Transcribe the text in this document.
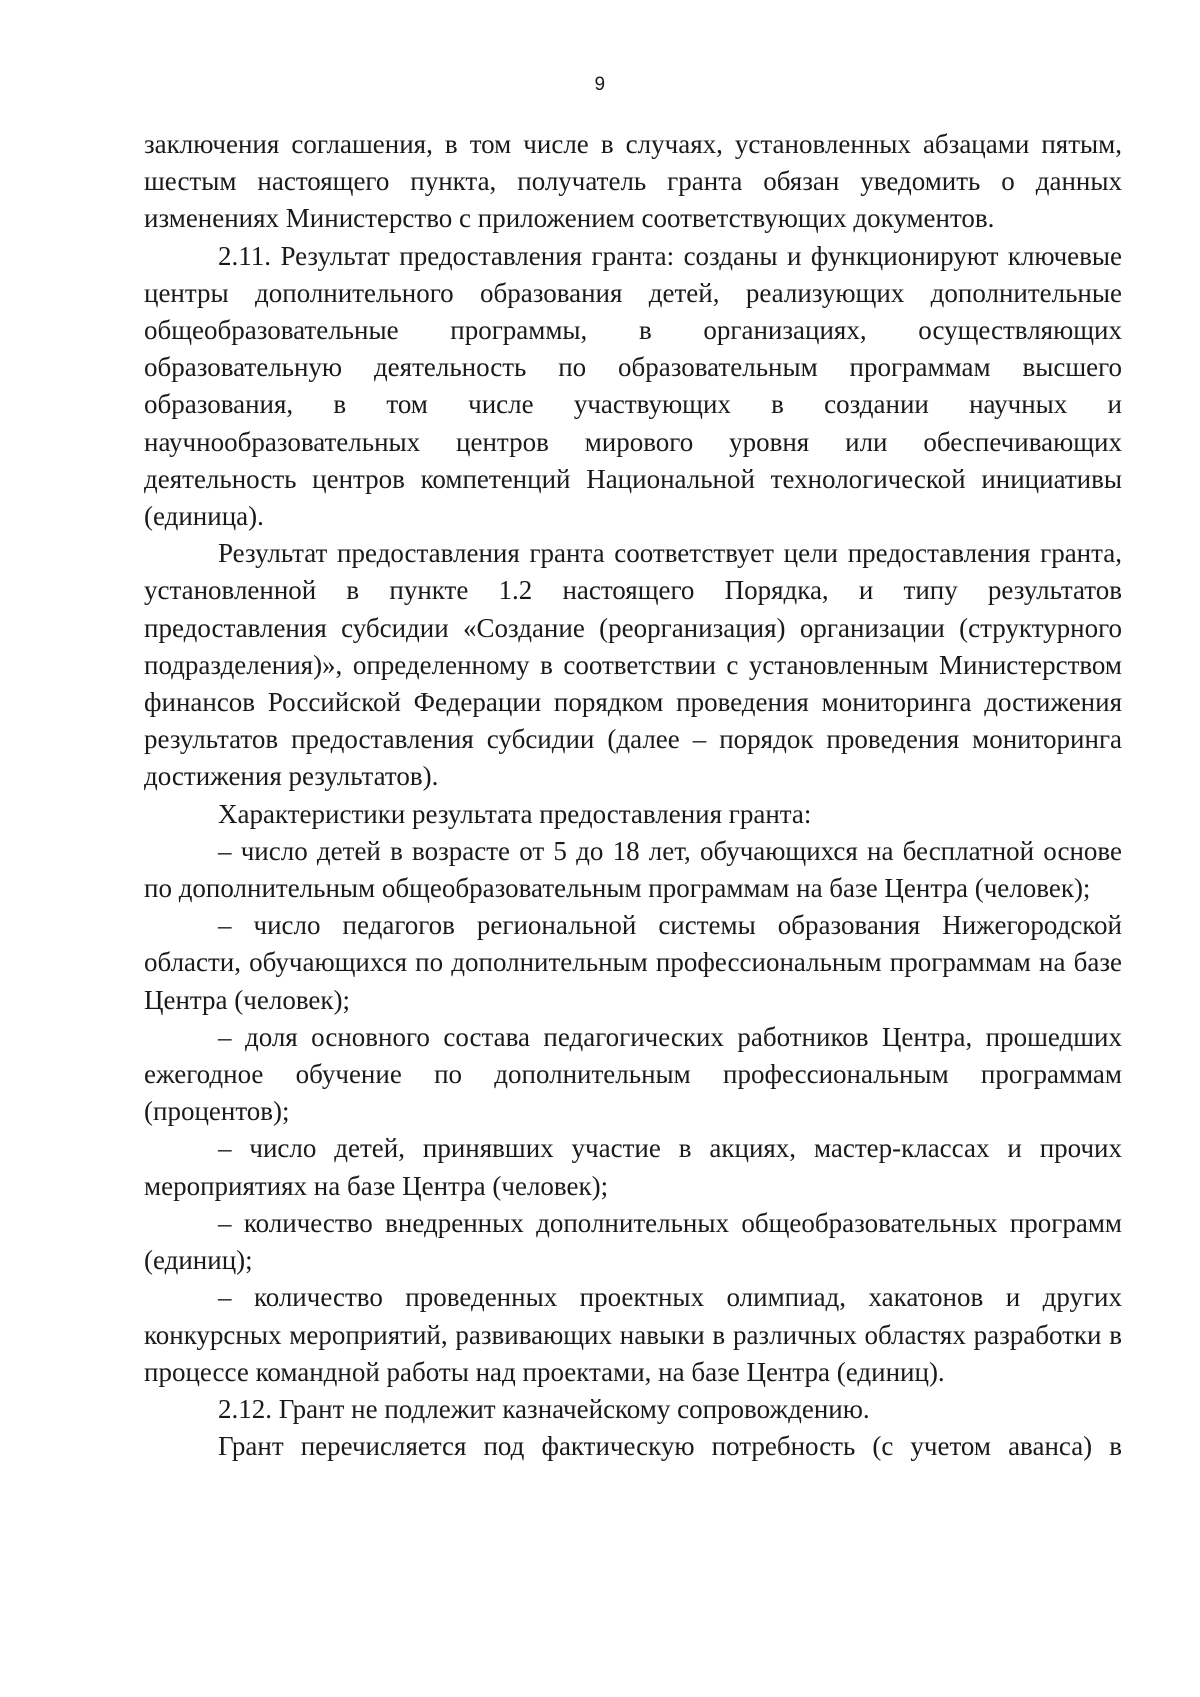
9

заключения соглашения, в том числе в случаях, установленных абзацами пятым, шестым настоящего пункта, получатель гранта обязан уведомить о данных изменениях Министерство с приложением соответствующих документов.

2.11. Результат предоставления гранта: созданы и функционируют ключевые центры дополнительного образования детей, реализующих дополнительные общеобразовательные программы, в организациях, осуществляющих образовательную деятельность по образовательным программам высшего образования, в том числе участвующих в создании научных и научнообразовательных центров мирового уровня или обеспечивающих деятельность центров компетенций Национальной технологической инициативы (единица).

Результат предоставления гранта соответствует цели предоставления гранта, установленной в пункте 1.2 настоящего Порядка, и типу результатов предоставления субсидии «Создание (реорганизация) организации (структурного подразделения)», определенному в соответствии с установленным Министерством финансов Российской Федерации порядком проведения мониторинга достижения результатов предоставления субсидии (далее – порядок проведения мониторинга достижения результатов).

Характеристики результата предоставления гранта:

– число детей в возрасте от 5 до 18 лет, обучающихся на бесплатной основе по дополнительным общеобразовательным программам на базе Центра (человек);

– число педагогов региональной системы образования Нижегородской области, обучающихся по дополнительным профессиональным программам на базе Центра (человек);

– доля основного состава педагогических работников Центра, прошедших ежегодное обучение по дополнительным профессиональным программам (процентов);

– число детей, принявших участие в акциях, мастер-классах и прочих мероприятиях на базе Центра (человек);

– количество внедренных дополнительных общеобразовательных программ (единиц);

– количество проведенных проектных олимпиад, хакатонов и других конкурсных мероприятий, развивающих навыки в различных областях разработки в процессе командной работы над проектами, на базе Центра (единиц).

2.12. Грант не подлежит казначейскому сопровождению.

Грант перечисляется под фактическую потребность (с учетом аванса) в
